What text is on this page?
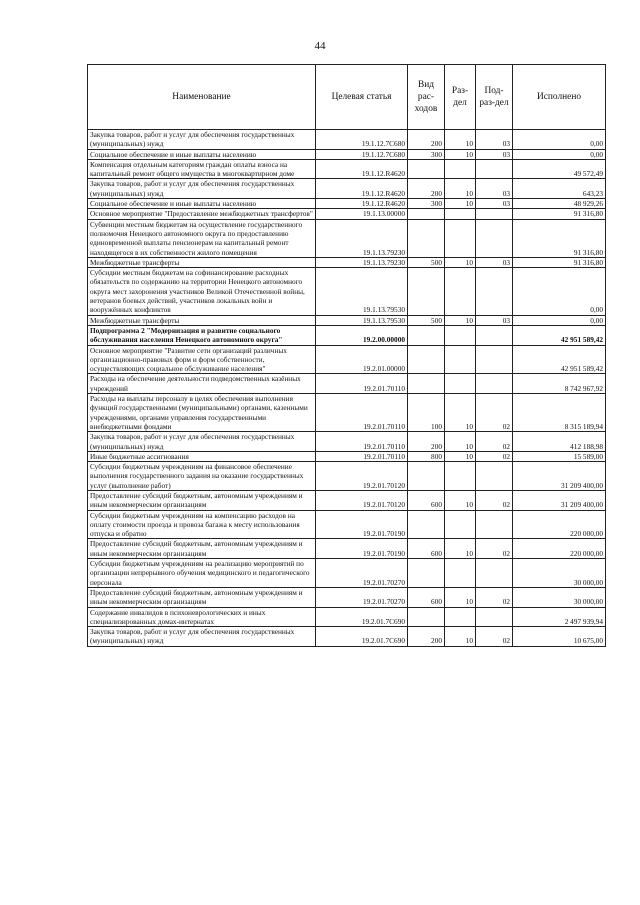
44
Наименование	Целевая статья	Вид рас-ходов	Раз-дел	Под-раз-дел	Исполнено
Закупка товаров, работ и услуг для обеспечения государственных (муниципальных) нужд	19.1.12.7С680	200	10	03	0,00
Социальное обеспечение и иные выплаты населению	19.1.12.7С680	300	10	03	0,00
Компенсация отдельным категориям граждан оплаты взноса на капитальный ремонт общего имущества в многоквартирном доме	19.1.12.R4620				49 572,49
Закупка товаров, работ и услуг для обеспечения государственных (муниципальных) нужд	19.1.12.R4620	200	10	03	643,23
Социальное обеспечение и иные выплаты населению	19.1.12.R4620	300	10	03	48 929,26
Основное мероприятие "Предоставление межбюджетных трансфертов"	19.1.13.00000				91 316,80
Субвенции местным бюджетам на осуществление государственного полномочия Ненецкого автономного округа по предоставлению единовременной выплаты пенсионерам на капитальный ремонт находящегося в их собственности жилого помещения	19.1.13.79230				91 316,80
Межбюджетные трансферты	19.1.13.79230	500	10	03	91 316,80
Субсидии местным бюджетам на софинансирование расходных обязательств по содержанию на территории Ненецкого автономного округа мест захоронения участников Великой Отечественной войны, ветеранов боевых действий, участников локальных войн и вооружённых конфликтов	19.1.13.79530				0,00
Межбюджетные трансферты	19.1.13.79530	500	10	03	0,00
Подпрограмма 2 "Модернизация и развитие социального обслуживания населения Ненецкого автономного округа"	19.2.00.00000				42 951 589,42
Основное мероприятие "Развитие сети организаций различных организационно-правовых форм и форм собственности, осуществляющих социальное обслуживание населения"	19.2.01.00000				42 951 589,42
Расходы на обеспечение деятельности подведомственных казённых учреждений	19.2.01.70110				8 742 967,92
Расходы на выплаты персоналу в целях обеспечения выполнения функций государственными (муниципальными) органами, казенными учреждениями, органами управления государственными внебюджетными фондами	19.2.01.70110	100	10	02	8 315 189,94
Закупка товаров, работ и услуг для обеспечения государственных (муниципальных) нужд	19.2.01.70110	200	10	02	412 188,98
Иные бюджетные ассигнования	19.2.01.70110	800	10	02	15 589,00
Субсидии бюджетным учреждениям на финансовое обеспечение выполнения государственного задания на оказание государственных услуг (выполнение работ)	19.2.01.70120				31 209 400,00
Предоставление субсидий бюджетным, автономным учреждениям и иным некоммерческим организациям	19.2.01.70120	600	10	02	31 209 400,00
Субсидии бюджетным учреждениям на компенсацию расходов на оплату стоимости проезда и провоза багажа к месту использования отпуска и обратно	19.2.01.70190				220 000,00
Предоставление субсидий бюджетным, автономным учреждениям и иным некоммерческим организациям	19.2.01.70190	600	10	02	220 000,00
Субсидии бюджетным учреждениям на реализацию мероприятий по организации непрерывного обучения медицинского и педагогического персонала	19.2.01.70270				30 000,00
Предоставление субсидий бюджетным, автономным учреждениям и иным некоммерческим организациям	19.2.01.70270	600	10	02	30 000,00
Содержание инвалидов в психоневрологических и иных специализированных домах-интернатах	19.2.01.7С690				2 497 939,94
Закупка товаров, работ и услуг для обеспечения государственных (муниципальных) нужд	19.2.01.7С690	200	10	02	10 675,00
